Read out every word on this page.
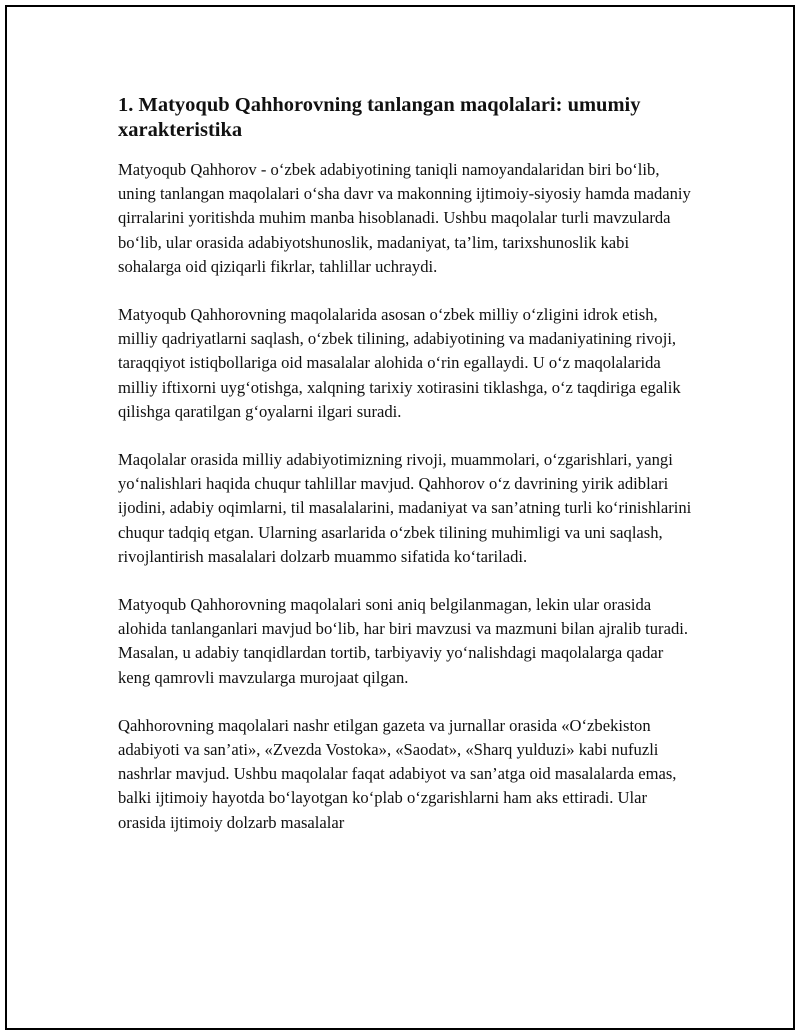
1. Matyoqub Qahhorovning tanlangan maqolalari: umumiy xarakteristika

Matyoqub Qahhorov - o‘zbek adabiyotining taniqli namoyandalaridan biri bo‘lib, uning tanlangan maqolalari o‘sha davr va makonning ijtimoiy-siyosiy hamda madaniy qirralarini yoritishda muhim manba hisoblanadi. Ushbu maqolalar turli mavzularda bo‘lib, ular orasida adabiyotshunoslik, madaniyat, ta’lim, tarixshunoslik kabi sohalarga oid qiziqarli fikrlar, tahlillar uchraydi.

Matyoqub Qahhorovning maqolalarida asosan o‘zbek milliy o‘zligini idrok etish, milliy qadriyatlarni saqlash, o‘zbek tilining, adabiyotining va madaniyatining rivoji, taraqqiyot istiqbollariga oid masalalar alohida o‘rin egallaydi. U o‘z maqolalarida milliy iftixorni uyg‘otishga, xalqning tarixiy xotirasini tiklashga, o‘z taqdiriga egalik qilishga qaratilgan g‘oyalarni ilgari suradi.

Maqolalar orasida milliy adabiyotimizning rivoji, muammolari, o‘zgarishlari, yangi yo‘nalishlari haqida chuqur tahlillar mavjud. Qahhorov o‘z davrining yirik adiblari ijodini, adabiy oqimlarni, til masalalarini, madaniyat va san’atning turli ko‘rinishlarini chuqur tadqiq etgan. Ularning asarlarida o‘zbek tilining muhimligi va uni saqlash, rivojlantirish masalalari dolzarb muammo sifatida ko‘tariladi.

Matyoqub Qahhorovning maqolalari soni aniq belgilanmagan, lekin ular orasida alohida tanlanganlari mavjud bo‘lib, har biri mavzusi va mazmuni bilan ajralib turadi. Masalan, u adabiy tanqidlardan tortib, tarbiyaviy yo‘nalishdagi maqolalarga qadar keng qamrovli mavzularga murojaat qilgan.

Qahhorovning maqolalari nashr etilgan gazeta va jurnallar orasida «O‘zbekiston adabiyoti va san’ati», «Zvezda Vostoka», «Saodat», «Sharq yulduzi» kabi nufuzli nashrlar mavjud. Ushbu maqolalar faqat adabiyot va san’atga oid masalalarda emas, balki ijtimoiy hayotda bo‘layotgan ko‘plab o‘zgarishlarni ham aks ettiradi. Ular orasida ijtimoiy dolzarb masalalar
